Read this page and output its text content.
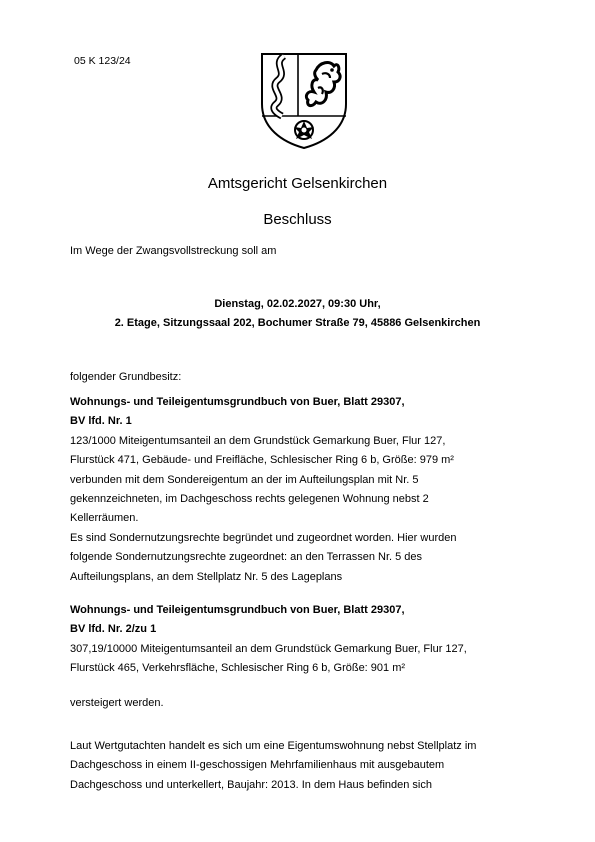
05 K 123/24
Amtsgericht Gelsenkirchen
Beschluss
Im Wege der Zwangsvollstreckung soll am
Dienstag, 02.02.2027, 09:30 Uhr,
2. Etage, Sitzungssaal 202, Bochumer Straße 79, 45886 Gelsenkirchen
folgender Grundbesitz:
Wohnungs- und Teileigentumsgrundbuch von Buer, Blatt 29307,
BV lfd. Nr. 1
123/1000 Miteigentumsanteil an dem Grundstück Gemarkung Buer, Flur 127,
Flurstück 471, Gebäude- und Freifläche, Schlesischer Ring 6 b, Größe: 979 m²
verbunden mit dem Sondereigentum an der im Aufteilungsplan mit Nr. 5
gekennzeichneten, im Dachgeschoss rechts gelegenen Wohnung nebst 2
Kellerräumen.
Es sind Sondernutzungsrechte begründet und zugeordnet worden. Hier wurden
folgende Sondernutzungsrechte zugeordnet: an den Terrassen Nr. 5 des
Aufteilungsplans, an dem Stellplatz Nr. 5 des Lageplans
Wohnungs- und Teileigentumsgrundbuch von Buer, Blatt 29307,
BV lfd. Nr. 2/zu 1
307,19/10000 Miteigentumsanteil an dem Grundstück Gemarkung Buer, Flur 127,
Flurstück 465, Verkehrsfläche, Schlesischer Ring 6 b, Größe: 901 m²
versteigert werden.
Laut Wertgutachten handelt es sich um eine Eigentumswohnung nebst Stellplatz im
Dachgeschoss in einem II-geschossigen Mehrfamilienhaus mit ausgebautem
Dachgeschoss und unterkellert, Baujahr: 2013. In dem Haus befinden sich
